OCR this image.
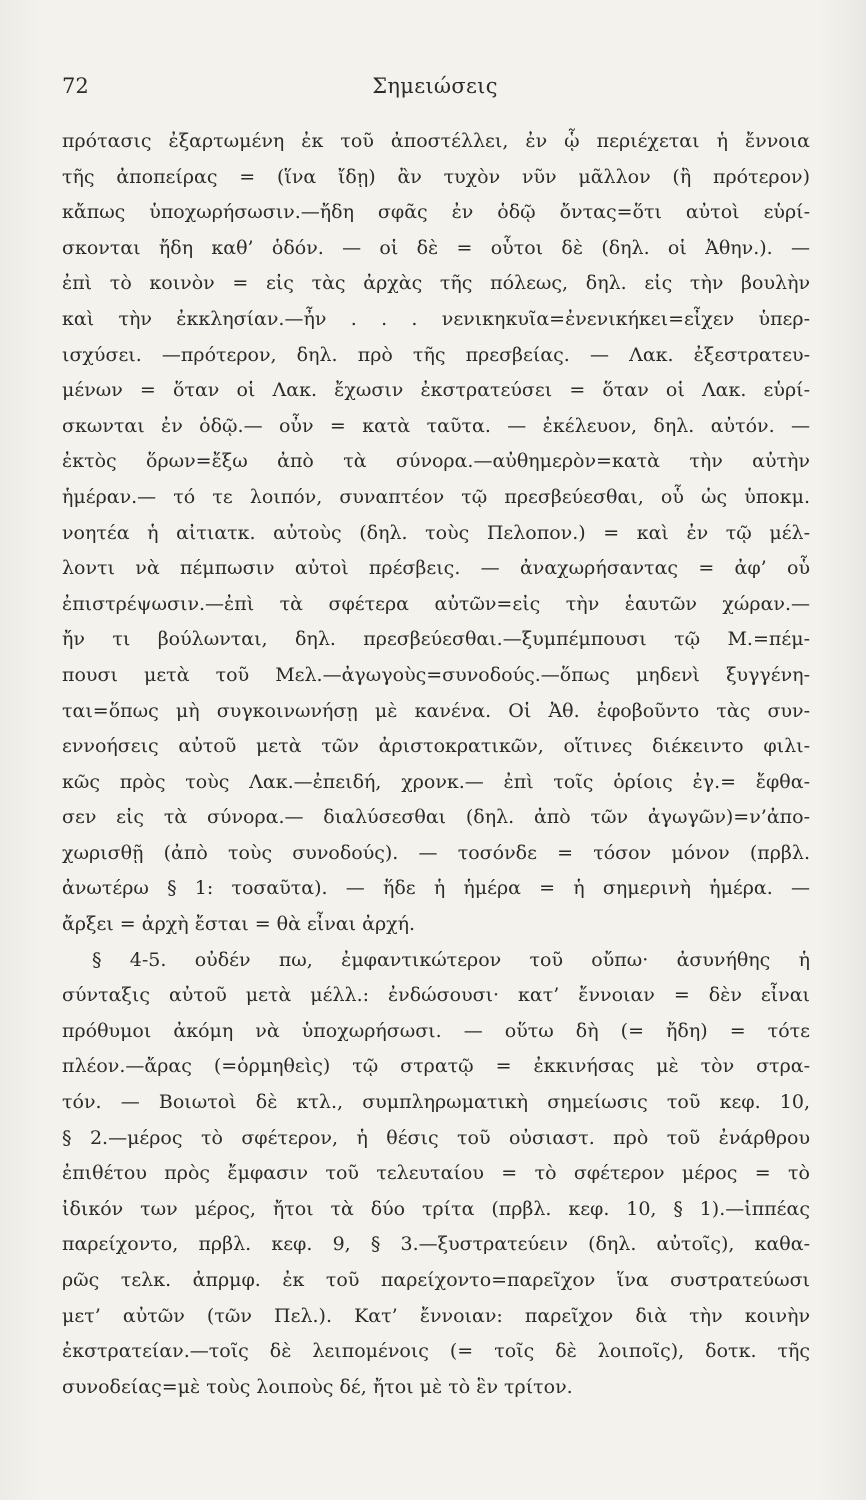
72	Σημειώσεις
πρότασις ἐξαρτωμένη ἐκ τοῦ ἀποστέλλει, ἐν ᾧ περιέχεται ἡ ἔννοια
τῆς ἀποπείρας = (ἵνα ἴδῃ) ἂν τυχὸν νῦν μᾶλλον (ἢ πρότερον)
κἄπως ὑποχωρήσωσιν.—ἤδη σφᾶς ἐν ὁδῷ ὄντας=ὅτι αὐτοὶ εὑρί-
σκονται ἤδη καθ’ ὁδόν. — οἱ δὲ = οὗτοι δὲ (δηλ. οἱ Ἀθην.). —
ἐπὶ τὸ κοινὸν = εἰς τὰς ἀρχὰς τῆς πόλεως, δηλ. εἰς τὴν βουλὴν
καὶ τὴν ἐκκλησίαν.—ἦν . . . νενικηκυῖα=ἐνενικήκει=εἶχεν ὑπερ-
ισχύσει. —πρότερον, δηλ. πρὸ τῆς πρεσβείας. — Λακ. ἐξεστρατευ-
μένων = ὅταν οἱ Λακ. ἔχωσιν ἐκστρατεύσει = ὅταν οἱ Λακ. εὑρί-
σκωνται ἐν ὁδῷ.— οὖν = κατὰ ταῦτα. — ἐκέλευον, δηλ. αὐτόν. —
ἐκτὸς ὅρων=ἔξω ἀπὸ τὰ σύνορα.—αὐθημερὸν=κατὰ τὴν αὐτὴν
ἡμέραν.— τό τε λοιπόν, συναπτέον τῷ πρεσβεύεσθαι, οὗ ὡς ὑποκμ.
νοητέα ἡ αἰτιατκ. αὐτοὺς (δηλ. τοὺς Πελοπον.) = καὶ ἐν τῷ μέλ-
λοντι νὰ πέμπωσιν αὐτοὶ πρέσβεις. — ἀναχωρήσαντας = ἀφ’ οὗ
ἐπιστρέψωσιν.—ἐπὶ τὰ σφέτερα αὐτῶν=εἰς τὴν ἑαυτῶν χώραν.—
ἤν τι βούλωνται, δηλ. πρεσβεύεσθαι.—ξυμπέμπουσι τῷ Μ.=πέμ-
πουσι μετὰ τοῦ Μελ.—ἀγωγοὺς=συνοδούς.—ὅπως μηδενὶ ξυγγένη-
ται=ὅπως μὴ συγκοινωνήσῃ μὲ κανένα. Οἱ Ἀθ. ἐφοβοῦντο τὰς συν-
εννοήσεις αὐτοῦ μετὰ τῶν ἀριστοκρατικῶν, οἵτινες διέκειντο φιλι-
κῶς πρὸς τοὺς Λακ.—ἐπειδή, χρονκ.— ἐπὶ τοῖς ὁρίοις ἐγ.= ἔφθα-
σεν εἰς τὰ σύνορα.— διαλύσεσθαι (δηλ. ἀπὸ τῶν ἀγωγῶν)=ν’ἀπο-
χωρισθῇ (ἀπὸ τοὺς συνοδούς). — τοσόνδε = τόσον μόνον (πρβλ.
ἀνωτέρω § 1: τοσαῦτα). — ἥδε ἡ ἡμέρα = ἡ σημερινὴ ἡμέρα. —
ἄρξει = ἀρχὴ ἔσται = θὰ εἶναι ἀρχή.
§ 4-5. οὐδέν πω, ἐμφαντικώτερον τοῦ οὔπω· ἀσυνήθης ἡ
σύνταξις αὐτοῦ μετὰ μέλλ.: ἐνδώσουσι· κατ’ ἔννοιαν = δὲν εἶναι
πρόθυμοι ἀκόμη νὰ ὑποχωρήσωσι. — οὕτω δὴ (= ἤδη) = τότε
πλέον.—ἄρας (=ὁρμηθεὶς) τῷ στρατῷ = ἐκκινήσας μὲ τὸν στρα-
τόν. — Βοιωτοὶ δὲ κτλ., συμπληρωματικὴ σημείωσις τοῦ κεφ. 10,
§ 2.—μέρος τὸ σφέτερον, ἡ θέσις τοῦ οὐσιαστ. πρὸ τοῦ ἐνάρθρου
ἐπιθέτου πρὸς ἔμφασιν τοῦ τελευταίου = τὸ σφέτερον μέρος = τὸ
ἰδικόν των μέρος, ἤτοι τὰ δύο τρίτα (πρβλ. κεφ. 10, § 1).—ἱππέας
παρείχοντο, πρβλ. κεφ. 9, § 3.—ξυστρατεύειν (δηλ. αὐτοῖς), καθα-
ρῶς τελκ. ἀπρμφ. ἐκ τοῦ παρείχοντο=παρεῖχον ἵνα συστρατεύωσι
μετ’ αὐτῶν (τῶν Πελ.). Κατ’ ἔννοιαν: παρεῖχον διὰ τὴν κοινὴν
ἐκστρατείαν.—τοῖς δὲ λειπομένοις (= τοῖς δὲ λοιποῖς), δοτκ. τῆς
συνοδείας=μὲ τοὺς λοιποὺς δέ, ἤτοι μὲ τὸ ἓν τρίτον.
